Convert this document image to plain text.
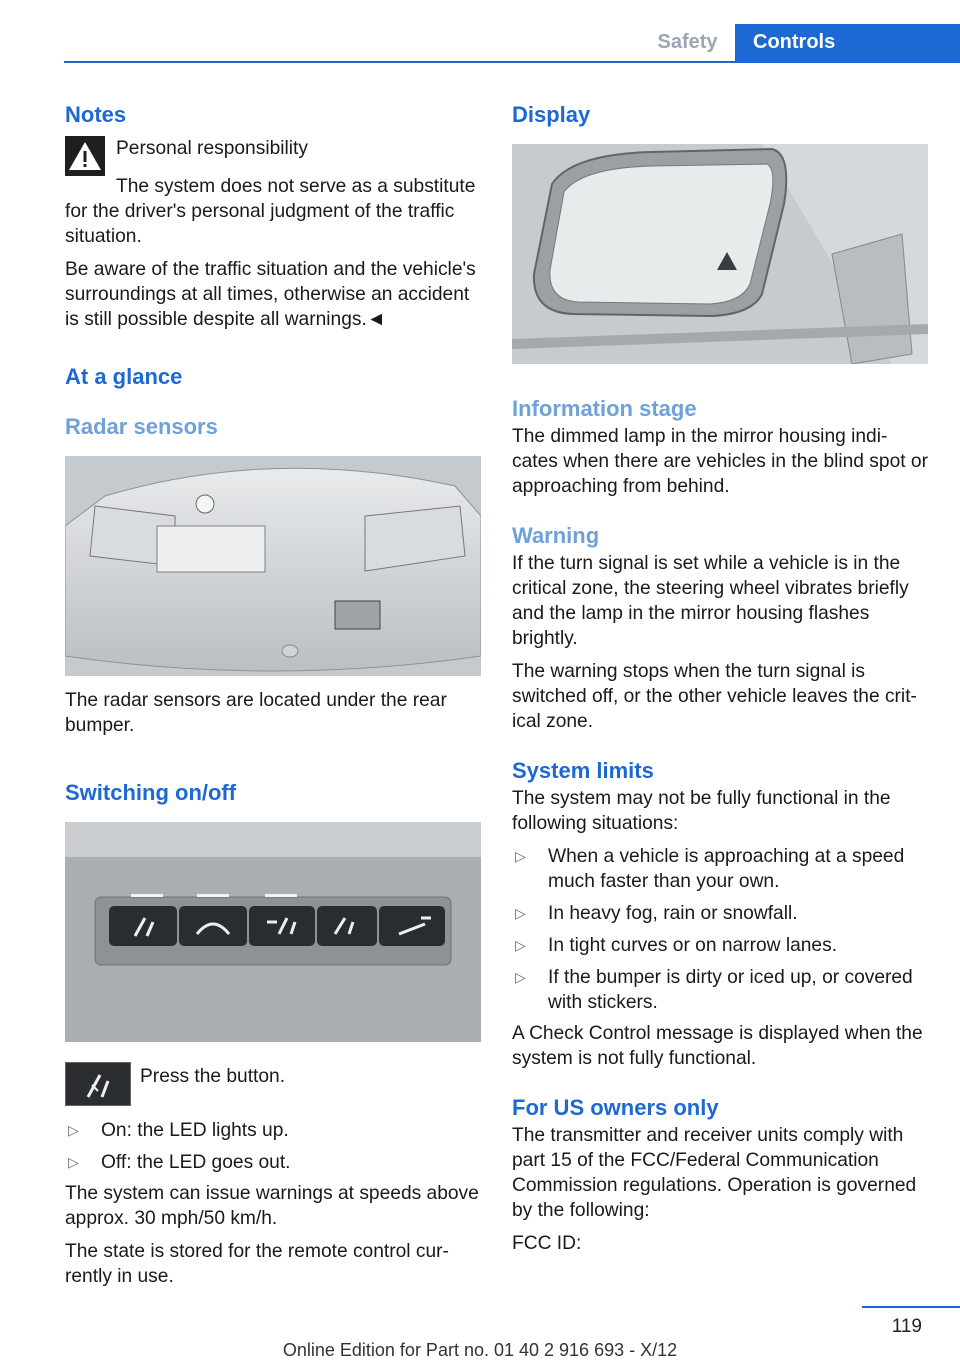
Safety	Controls
Notes

Personal responsibility

The system does not serve as a substitute

for the driver's personal judgment of the traffic situation.

Be aware of the traffic situation and the vehicle's surroundings at all times, otherwise an accident is still possible despite all warnings.◄

At a glance
Radar sensors

The radar sensors are located under the rear bumper.

Switching on/off

Press the button.

▷	On: the LED lights up.
▷	Off: the LED goes out.

The system can issue warnings at speeds above approx. 30 mph/50 km/h.

The state is stored for the remote control cur-rently in use.

Display
Information stage

The dimmed lamp in the mirror housing indi-cates when there are vehicles in the blind spot or approaching from behind.

Warning

If the turn signal is set while a vehicle is in the critical zone, the steering wheel vibrates briefly and the lamp in the mirror housing flashes brightly.

The warning stops when the turn signal is switched off, or the other vehicle leaves the crit-ical zone.

System limits

The system may not be fully functional in the following situations:

▷	When a vehicle is approaching at a speed much faster than your own.
▷	In heavy fog, rain or snowfall.
▷	In tight curves or on narrow lanes.
▷	If the bumper is dirty or iced up, or covered with stickers.

A Check Control message is displayed when the system is not fully functional.

For US owners only

The transmitter and receiver units comply with part 15 of the FCC/Federal Communication Commission regulations. Operation is governed by the following:

FCC ID:

119
Online Edition for Part no. 01 40 2 916 693 - X/12
